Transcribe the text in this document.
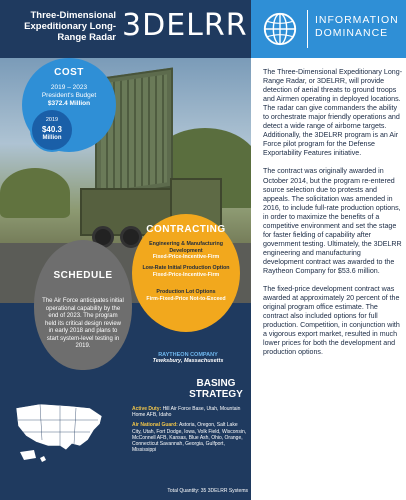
Three-Dimensional Expeditionary Long-Range Radar 3DELRR
COST
2019 – 2023
President's Budget
$372.4 Million
2019
$40.3
Million
SCHEDULE
The Air Force anticipates initial operational capability by the end of 2023. The program held its critical design review in early 2018 and plans to start system-level testing in 2019.
CONTRACTING
Engineering & Manufacturing Development
Fixed-Price-Incentive-Firm
Low-Rate Initial Production Option
Fixed-Price-Incentive-Firm
Production Lot Options
Firm-Fixed-Price Not-to-Exceed
RAYTHEON COMPANY
Tewksbury, Massachusetts
BASING STRATEGY
Active Duty: Hill Air Force Base, Utah, Mountain Home AFB, Idaho
Air National Guard: Astoria, Oregon, Salt Lake City, Utah, Fort Dodge, Iowa, Volk Field, Wisconsin, McConnell AFB, Kansas, Blue Ash, Ohio, Orange, Connecticut Savannah, Georgia, Gulfport, Mississippi
Total Quantity: 35 3DELRR Systems
INFORMATION DOMINANCE

The Three-Dimensional Expeditionary Long-Range Radar, or 3DELRR, will provide detection of aerial threats to ground troops and Airmen operating in deployed locations. The radar can give commanders the ability to orchestrate major friendly operations and detect a wide range of airborne targets. Additionally, the 3DELRR program is an Air Force pilot program for the Defense Exportability Features initiative.

The contract was originally awarded in October 2014, but the program re-entered source selection due to protests and appeals. The solicitation was amended in 2016, to include full-rate production options, in order to maximize the benefits of a competitive environment and set the stage for faster fielding of capability after government testing. Ultimately, the 3DELRR engineering and manufacturing development contract was awarded to the Raytheon Company for $53.6 million.

The fixed-price development contract was awarded at approximately 20 percent of the original program office estimate. The contract also included options for full production. Competition, in conjunction with a vigorous export market, resulted in much lower prices for both the development and production options.
